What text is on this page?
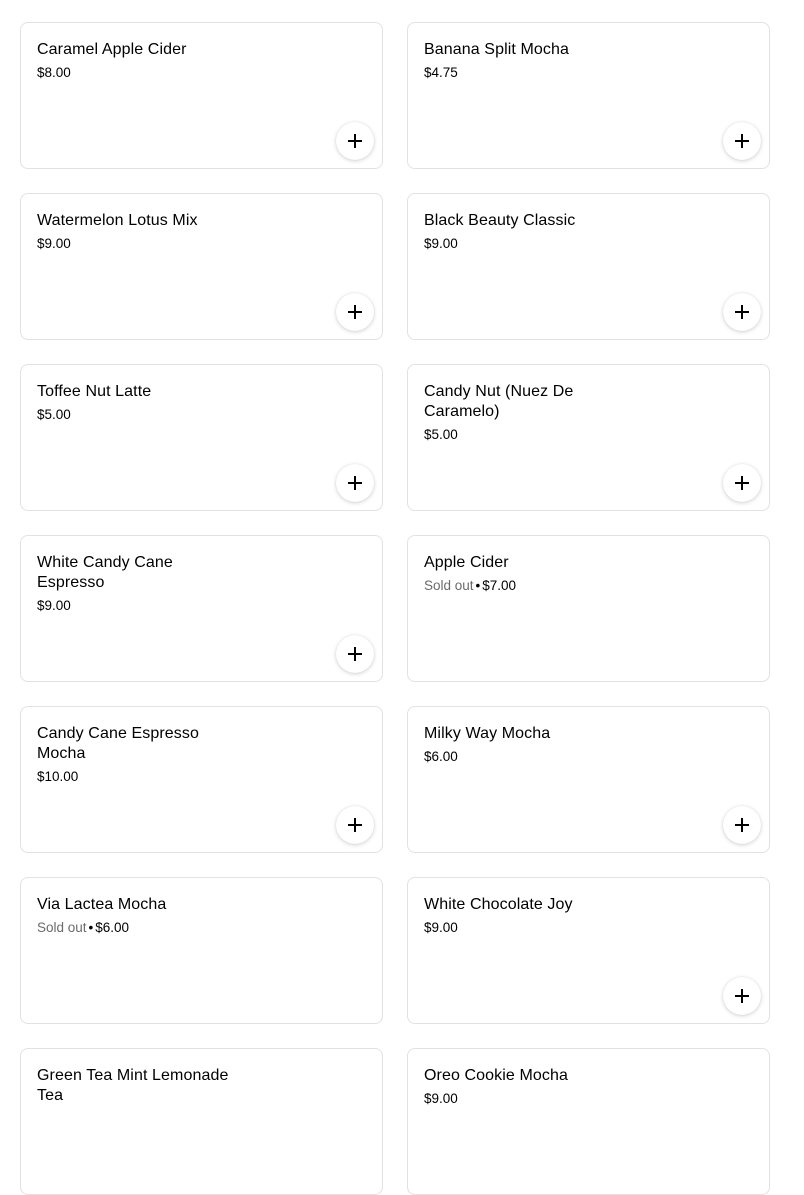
Caramel Apple Cider
$8.00
Banana Split Mocha
$4.75
Watermelon Lotus Mix
$9.00
Black Beauty Classic
$9.00
Toffee Nut Latte
$5.00
Candy Nut (Nuez De Caramelo)
$5.00
White Candy Cane Espresso
$9.00
Apple Cider
Sold out • $7.00
Candy Cane Espresso Mocha
$10.00
Milky Way Mocha
$6.00
Via Lactea Mocha
Sold out • $6.00
White Chocolate Joy
$9.00
Green Tea Mint Lemonade Tea
Oreo Cookie Mocha
$9.00
